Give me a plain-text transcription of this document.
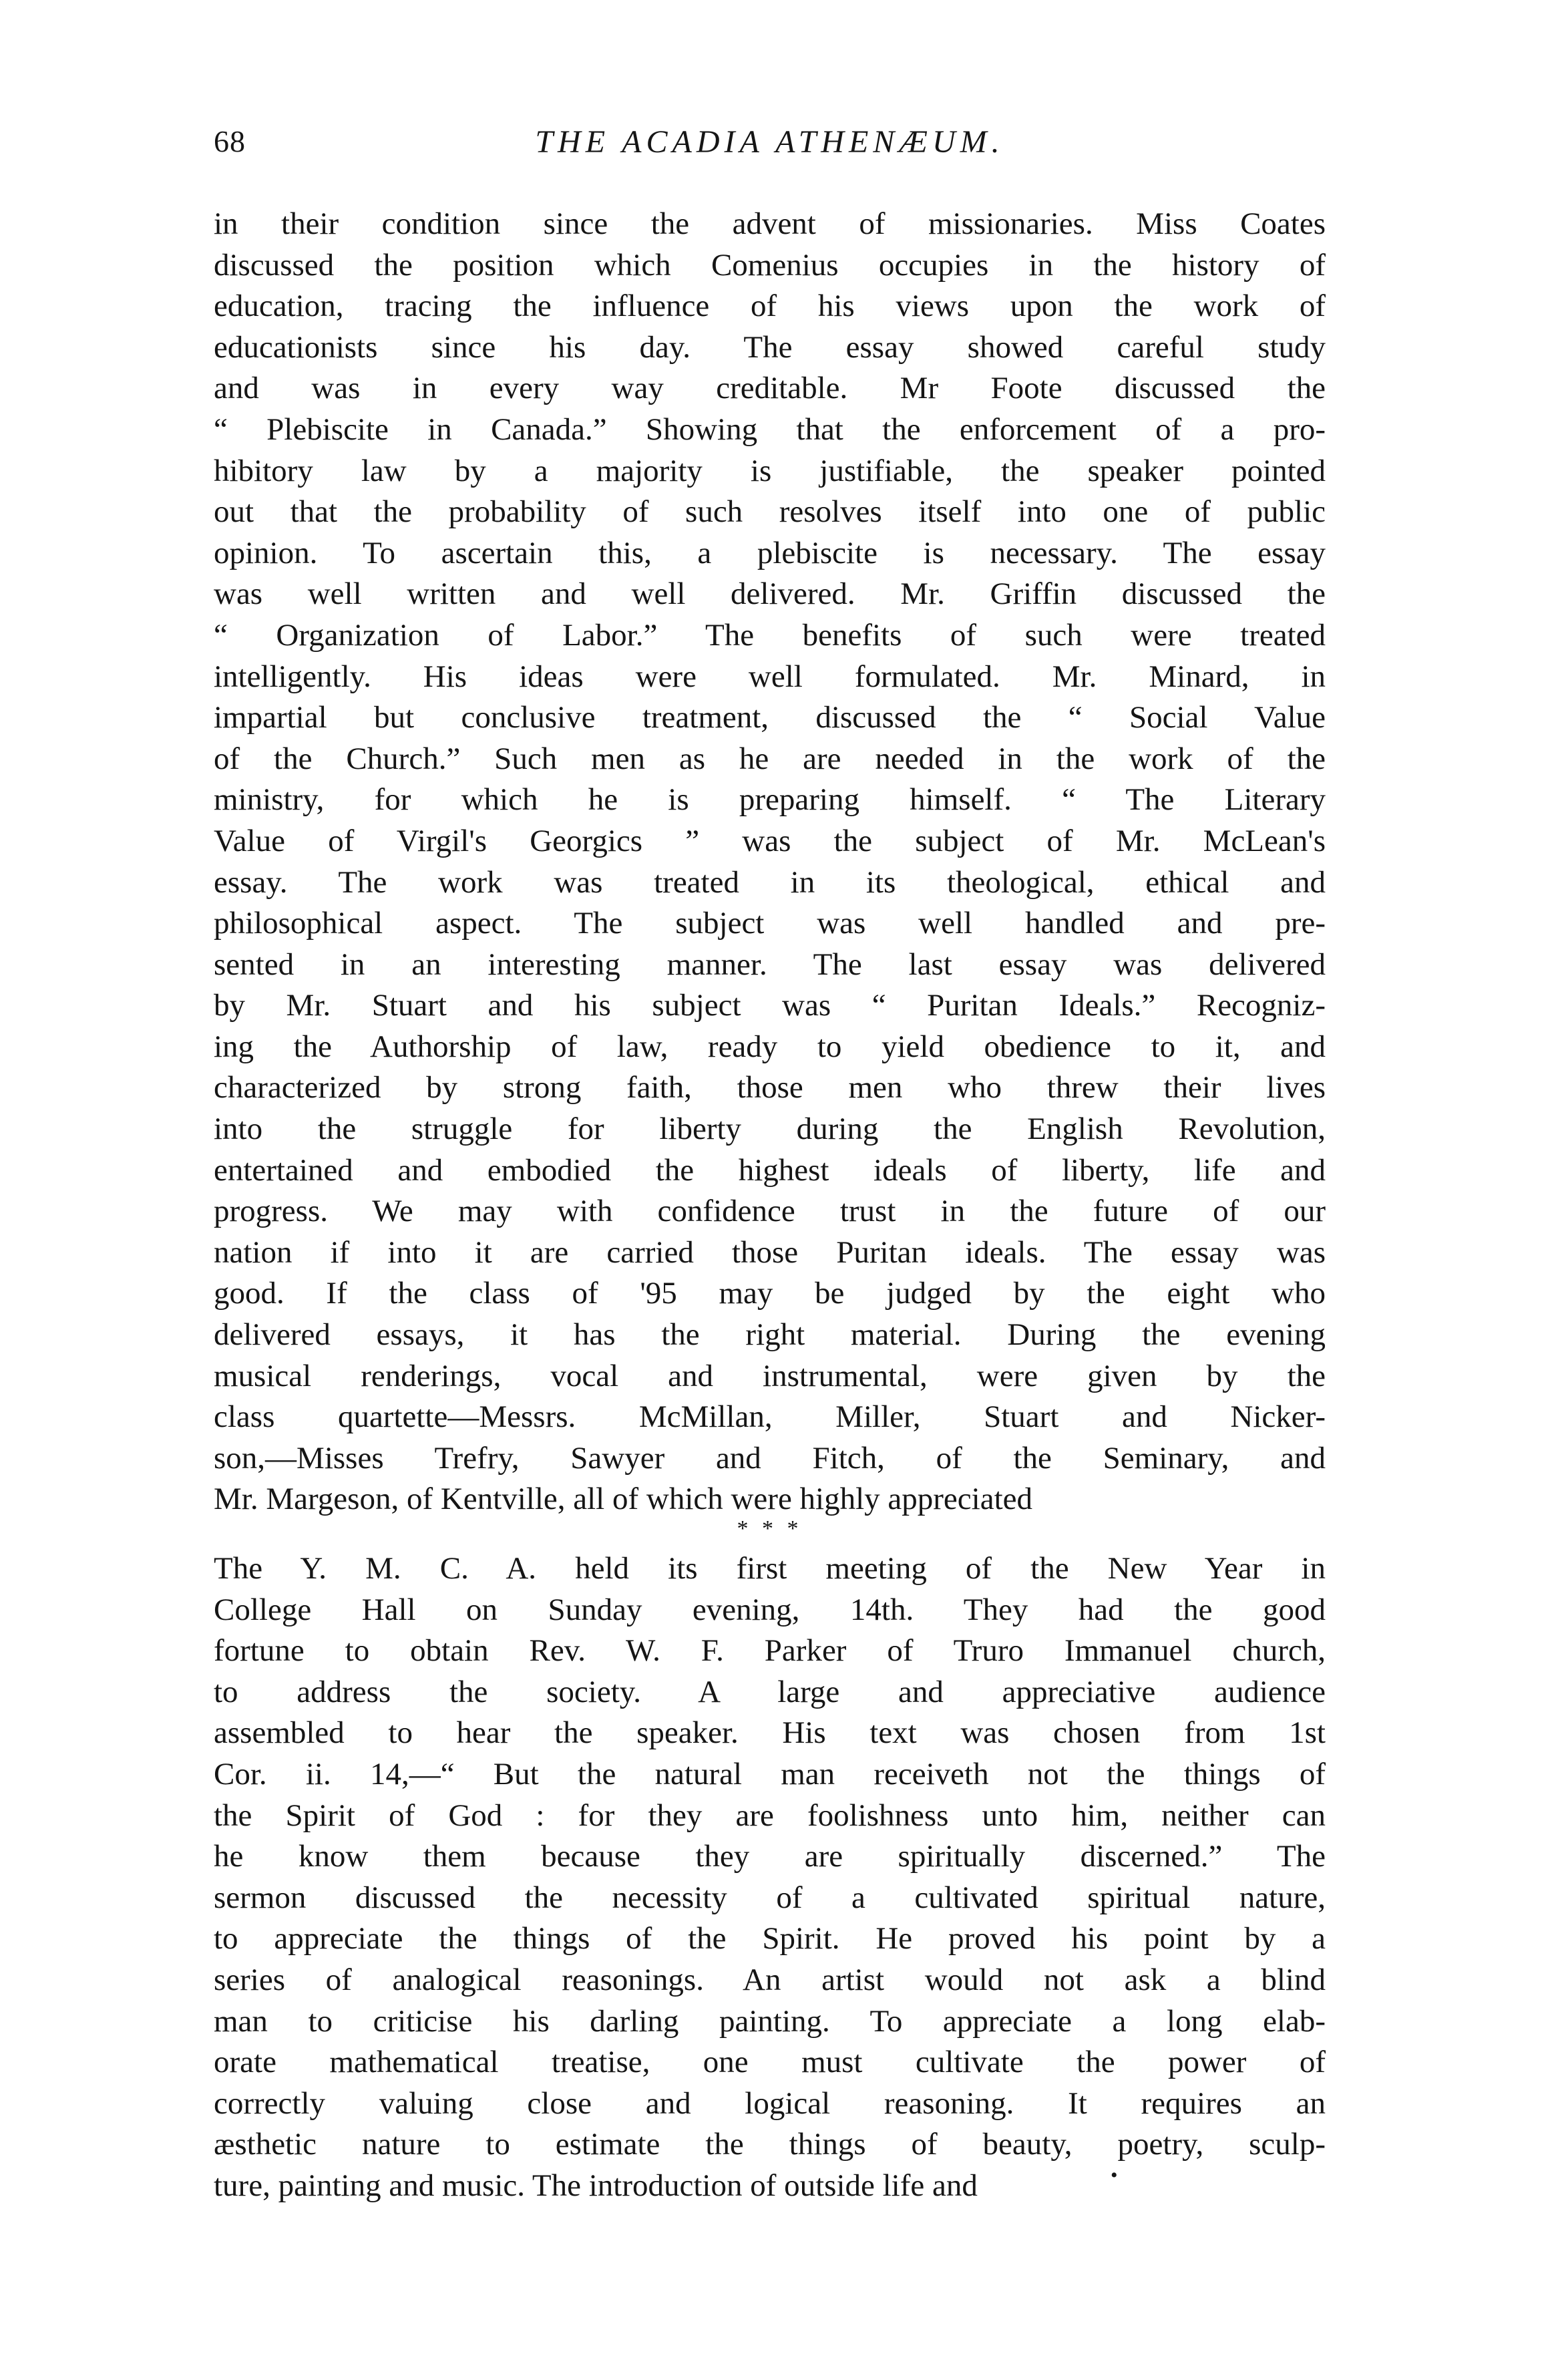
68	THE ACADIA ATHENÆUM.
in their condition since the advent of missionaries. Miss Coates
discussed the position which Comenius occupies in the history of
education, tracing the influence of his views upon the work of
educationists since his day. The essay showed careful study
and was in every way creditable. Mr Foote discussed the
“ Plebiscite in Canada.” Showing that the enforcement of a pro-
hibitory law by a majority is justifiable, the speaker pointed
out that the probability of such resolves itself into one of public
opinion. To ascertain this, a plebiscite is necessary. The essay
was well written and well delivered. Mr. Griffin discussed the
“ Organization of Labor.” The benefits of such were treated
intelligently. His ideas were well formulated. Mr. Minard, in
impartial but conclusive treatment, discussed the “ Social Value
of the Church.” Such men as he are needed in the work of the
ministry, for which he is preparing himself. “ The Literary
Value of Virgil's Georgics ” was the subject of Mr. McLean's
essay. The work was treated in its theological, ethical and
philosophical aspect. The subject was well handled and pre-
sented in an interesting manner. The last essay was delivered
by Mr. Stuart and his subject was “ Puritan Ideals.” Recogniz-
ing the Authorship of law, ready to yield obedience to it, and
characterized by strong faith, those men who threw their lives
into the struggle for liberty during the English Revolution,
entertained and embodied the highest ideals of liberty, life and
progress. We may with confidence trust in the future of our
nation if into it are carried those Puritan ideals. The essay was
good. If the class of '95 may be judged by the eight who
delivered essays, it has the right material. During the evening
musical renderings, vocal and instrumental, were given by the
class quartette—Messrs. McMillan, Miller, Stuart and Nicker-
son,—Misses Trefry, Sawyer and Fitch, of the Seminary, and
Mr. Margeson, of Kentville, all of which were highly appreciated
* * *
The Y. M. C. A. held its first meeting of the New Year in
College Hall on Sunday evening, 14th. They had the good
fortune to obtain Rev. W. F. Parker of Truro Immanuel church,
to address the society. A large and appreciative audience
assembled to hear the speaker. His text was chosen from 1st
Cor. ii. 14,—“ But the natural man receiveth not the things of
the Spirit of God : for they are foolishness unto him, neither can
he know them because they are spiritually discerned.” The
sermon discussed the necessity of a cultivated spiritual nature,
to appreciate the things of the Spirit. He proved his point by a
series of analogical reasonings. An artist would not ask a blind
man to criticise his darling painting. To appreciate a long elab-
orate mathematical treatise, one must cultivate the power of
correctly valuing close and logical reasoning. It requires an
æsthetic nature to estimate the things of beauty, poetry, sculp-
ture, painting and music. The introduction of outside life and	•
